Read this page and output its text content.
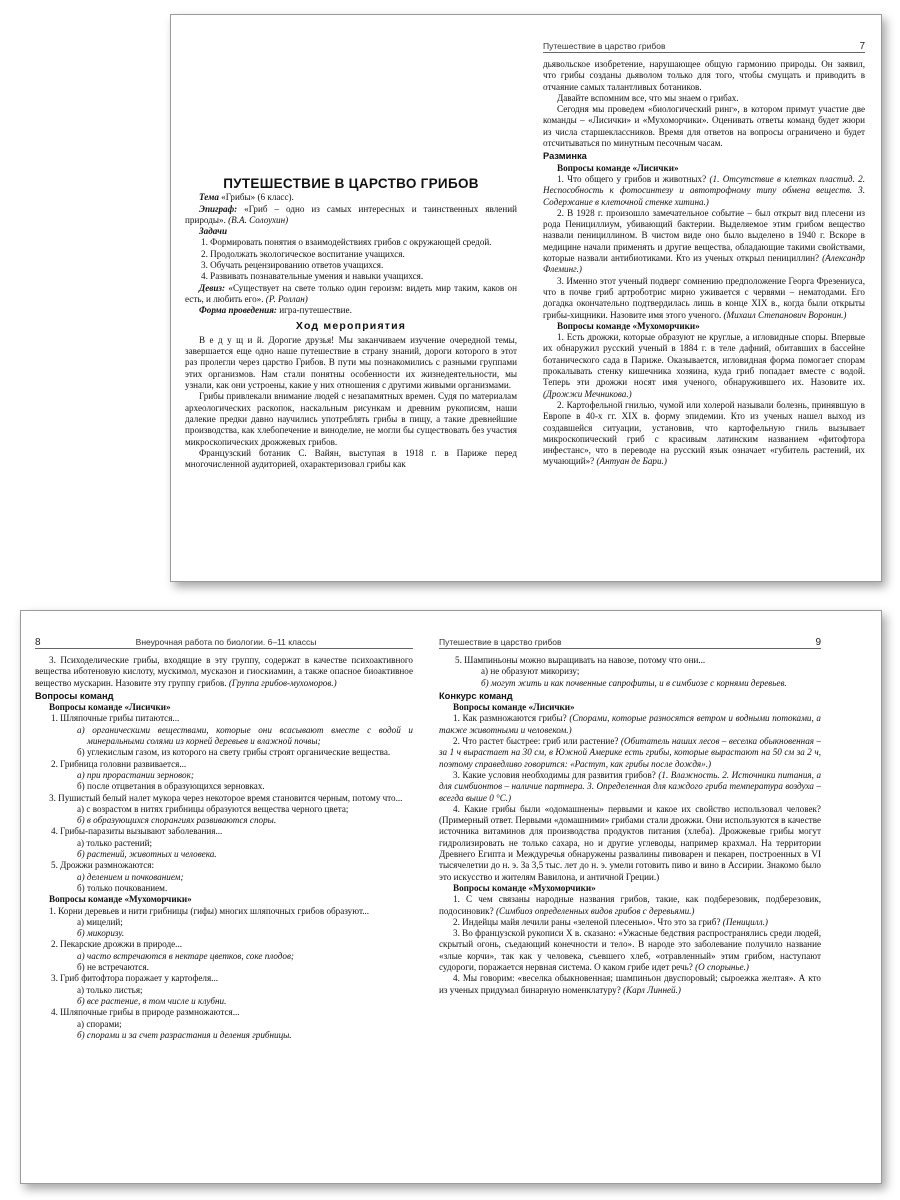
ПУТЕШЕСТВИЕ В ЦАРСТВО ГРИБОВ

Тема «Грибы» (6 класс).

Эпиграф: «Гриб – одно из самых интересных и таинственных явлений природы». (В.А. Солоухин)

Задачи

1. Формировать понятия о взаимодействиях грибов с окружающей средой.

2. Продолжать экологическое воспитание учащихся.

3. Обучать рецензированию ответов учащихся.

4. Развивать познавательные умения и навыки учащихся.

Девиз: «Существует на свете только один героизм: видеть мир таким, каков он есть, и любить его». (Р. Роллан)

Форма проведения: игра-путешествие.

Ход мероприятия

В е д у щ и й. Дорогие друзья! Мы заканчиваем изучение очередной темы, завершается еще одно наше путешествие в страну знаний, дороги которого в этот раз пролегли через царство Грибов. В пути мы познакомились с разными группами этих организмов. Нам стали понятны особенности их жизнедеятельности, мы узнали, как они устроены, какие у них отношения с другими живыми организмами.

Грибы привлекали внимание людей с незапамятных времен. Судя по материалам археологических раскопок, наскальным рисункам и древним рукописям, наши далекие предки давно научились употреблять грибы в пищу, а такие древнейшие производства, как хлебопечение и виноделие, не могли бы существовать без участия микроскопических дрожжевых грибов.

Французский ботаник С. Вайян, выступая в 1918 г. в Париже перед многочисленной аудиторией, охарактеризовал грибы как

Путешествие в царство грибов	7

дьявольское изобретение, нарушающее общую гармонию природы. Он заявил, что грибы созданы дьяволом только для того, чтобы смущать и приводить в отчаяние самых талантливых ботаников.

Давайте вспомним все, что мы знаем о грибах.

Сегодня мы проведем «биологический ринг», в котором примут участие две команды – «Лисички» и «Мухоморчики». Оценивать ответы команд будет жюри из числа старшеклассников. Время для ответов на вопросы ограничено и будет отсчитываться по минутным песочным часам.

Разминка

Вопросы команде «Лисички»

1. Что общего у грибов и животных? (1. Отсутствие в клетках пластид. 2. Неспособность к фотосинтезу и автотрофному типу обмена веществ. 3. Содержание в клеточной стенке хитина.)

2. В 1928 г. произошло замечательное событие – был открыт вид плесени из рода Пенициллиум, убивающий бактерии. Выделяемое этим грибом вещество назвали пенициллином. В чистом виде оно было выделено в 1940 г. Вскоре в медицине начали применять и другие вещества, обладающие такими свойствами, которые назвали антибиотиками. Кто из ученых открыл пенициллин? (Александр Флеминг.)

3. Именно этот ученый подверг сомнению предположение Георга Фрезениуса, что в почве гриб артроботрис мирно уживается с червями – нематодами. Его догадка окончательно подтвердилась лишь в конце XIX в., когда были открыты грибы-хищники. Назовите имя этого ученого. (Михаил Степанович Воронин.)

Вопросы команде «Мухоморчики»

1. Есть дрожжи, которые образуют не круглые, а игловидные споры. Впервые их обнаружил русский ученый в 1884 г. в теле дафний, обитавших в бассейне ботанического сада в Париже. Оказывается, игловидная форма помогает спорам прокалывать стенку кишечника хозяина, куда гриб попадает вместе с водой. Теперь эти дрожжи носят имя ученого, обнаружившего их. Назовите их. (Дрожжи Мечникова.)

2. Картофельной гнилью, чумой или холерой называли болезнь, принявшую в Европе в 40-х гг. XIX в. форму эпидемии. Кто из ученых нашел выход из создавшейся ситуации, установив, что картофельную гниль вызывает микроскопический гриб с красивым латинским названием «фитофтора инфестанс», что в переводе на русский язык означает «губитель растений, их мучающий»? (Антуан де Бари.)

8	Внеурочная работа по биологии. 6–11 классы

3. Психоделические грибы, входящие в эту группу, содержат в качестве психоактивного вещества иботеновую кислоту, мускимол, мусказон и гиоскиамин, а также опасное биоактивное вещество мускарин. Назовите эту группу грибов. (Группа грибов-мухоморов.)

Вопросы команд

Вопросы команде «Лисички»

1. Шляпочные грибы питаются...

а) органическими веществами, которые они всасывают вместе с водой и минеральными солями из корней деревьев и влажной почвы;

б) углекислым газом, из которого на свету грибы строят органические вещества.

2. Грибница головни развивается...

а) при прорастании зерновок;

б) после отцветания в образующихся зерновках.

3. Пушистый белый налет мукора через некоторое время становится черным, потому что...

а) с возрастом в нитях грибницы образуются вещества черного цвета;

б) в образующихся спорангиях развиваются споры.

4. Грибы-паразиты вызывают заболевания...

а) только растений;

б) растений, животных и человека.

5. Дрожжи размножаются:

а) делением и почкованием;

б) только почкованием.

Вопросы команде «Мухоморчики»

1. Корни деревьев и нити грибницы (гифы) многих шляпочных грибов образуют...

а) мицелий;

б) микоризу.

2. Пекарские дрожжи в природе...

а) часто встречаются в нектаре цветков, соке плодов;

б) не встречаются.

3. Гриб фитофтора поражает у картофеля...

а) только листья;

б) все растение, в том числе и клубни.

4. Шляпочные грибы в природе размножаются...

а) спорами;

б) спорами и за счет разрастания и деления грибницы.

Путешествие в царство грибов	9

5. Шампиньоны можно выращивать на навозе, потому что они...

а) не образуют микоризу;

б) могут жить и как почвенные сапрофиты, и в симбиозе с корнями деревьев.

Конкурс команд

Вопросы команде «Лисички»

1. Как размножаются грибы? (Спорами, которые разносятся ветром и водными потоками, а также животными и человеком.)

2. Что растет быстрее: гриб или растение? (Обитатель наших лесов – веселка обыкновенная – за 1 ч вырастает на 30 см, в Южной Америке есть грибы, которые вырастают на 50 см за 2 ч, поэтому справедливо говорится: «Растут, как грибы после дождя».)

3. Какие условия необходимы для развития грибов? (1. Влажность. 2. Источники питания, а для симбионтов – наличие партнера. 3. Определенная для каждого гриба температура воздуха – всегда выше 0 °С.)

4. Какие грибы были «одомашнены» первыми и какое их свойство использовал человек? (Примерный ответ. Первыми «домашними» грибами стали дрожжи. Они используются в качестве источника витаминов для производства продуктов питания (хлеба). Дрожжевые грибы могут гидролизировать не только сахара, но и другие углеводы, например крахмал. На территории Древнего Египта и Междуречья обнаружены развалины пивоварен и пекарен, построенных в VI тысячелетии до н. э. За 3,5 тыс. лет до н. э. умели готовить пиво и вино в Ассирии. Знакомо было это искусство и жителям Вавилона, и античной Греции.)

Вопросы команде «Мухоморчики»

1. С чем связаны народные названия грибов, такие, как подберезовик, подберезовик, подосиновик? (Симбиоз определенных видов грибов с деревьями.)

2. Индейцы майя лечили раны «зеленой плесенью». Что это за гриб? (Пеницилл.)

3. Во французской рукописи X в. сказано: «Ужасные бедствия распространялись среди людей, скрытый огонь, съедающий конечности и тело». В народе это заболевание получило название «злые корчи», так как у человека, съевшего хлеб, «отравленный» этим грибом, наступают судороги, поражается нервная система. О каком грибе идет речь? (О спорынье.)

4. Мы говорим: «веселка обыкновенная; шампиньон двуспоровый; сыроежка желтая». А кто из ученых придумал бинарную номенклатуру? (Карл Линней.)
